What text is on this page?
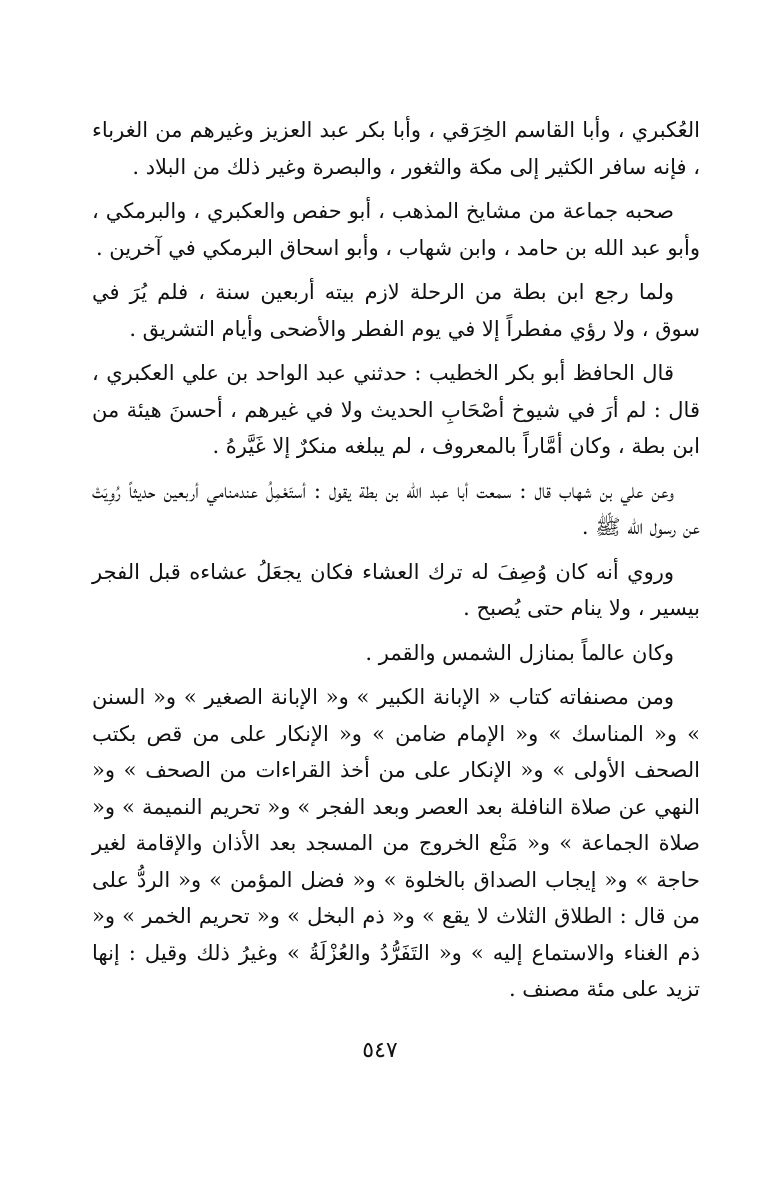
العُكبري ، وأبا القاسم الخِرَقي ، وأبا بكر عبد العزيز وغيرهم من الغرباء ، فإنه سافر الكثير إلى مكة والثغور ، والبصرة وغير ذلك من البلاد .

صحبه جماعة من مشايخ المذهب ، أبو حفص والعكبري ، والبرمكي ، وأبو عبد الله بن حامد ، وابن شهاب ، وأبو اسحاق البرمكي في آخرين .

ولما رجع ابن بطة من الرحلة لازم بيته أربعين سنة ، فلم يُرَ في سوق ، ولا رؤي مفطراً إلا في يوم الفطر والأضحى وأيام التشريق .

قال الحافظ أبو بكر الخطيب : حدثني عبد الواحد بن علي العكبري ، قال : لم أرَ في شيوخ أصْحَابِ الحديث ولا في غيرهم ، أحسنَ هيئة من ابن بطة ، وكان أمَّاراً بالمعروف ، لم يبلغه منكرٌ إلا غَيَّرهُ .

وعن علي بن شهاب قال : سمعت أبا عبد الله بن بطة يقول : أستَعْمِلُ عندمنامي أربعين حديثاً رُوِيَتْ عن رسول الله ﷺ .

وروي أنه كان وُصِفَ له ترك العشاء فكان يجعَلُ عشاءه قبل الفجر بيسير ، ولا ينام حتى يُصبح .

وكان عالماً بمنازل الشمس والقمر .

ومن مصنفاته كتاب « الإبانة الكبير » و« الإبانة الصغير » و« السنن » و« المناسك » و« الإمام ضامن » و« الإنكار على من قص بكتب الصحف الأولى » و« الإنكار على من أخذ القراءات من الصحف » و« النهي عن صلاة النافلة بعد العصر وبعد الفجر » و« تحريم النميمة » و« صلاة الجماعة » و« مَنْع الخروج من المسجد بعد الأذان والإقامة لغير حاجة » و« إيجاب الصداق بالخلوة » و« فضل المؤمن » و« الردُّ على من قال : الطلاق الثلاث لا يقع » و« ذم البخل » و« تحريم الخمر » و« ذم الغناء والاستماع إليه » و« التَفَرُّدُ والعُزْلَةُ » وغيرُ ذلك وقيل : إنها تزيد على مئة مصنف .

٥٤٧
